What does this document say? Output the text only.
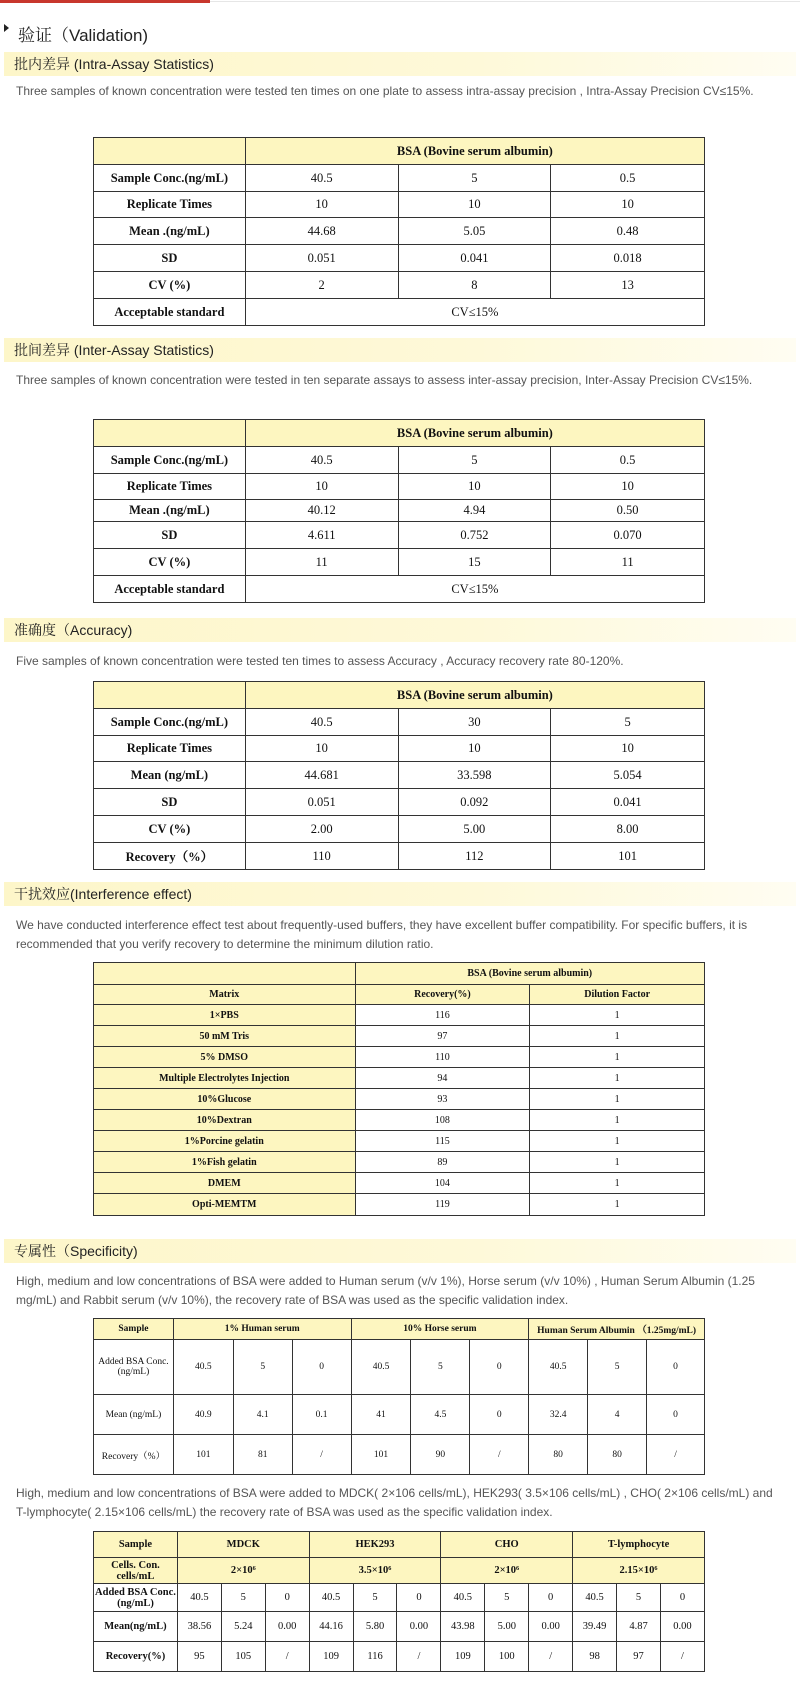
验证（Validation)
批内差异 (Intra-Assay Statistics)
Three samples of known concentration were tested ten times on one plate to assess intra-assay precision , Intra-Assay Precision CV≤15%.
	BSA (Bovine serum albumin)		
Sample Conc.(ng/mL)	40.5	5	0.5
Replicate Times	10	10	10
Mean .(ng/mL)	44.68	5.05	0.48
SD	0.051	0.041	0.018
CV (%)	2	8	13
Acceptable standard	CV≤15%		
批间差异 (Inter-Assay Statistics)
Three samples of known concentration were tested in ten separate assays to assess inter-assay precision, Inter-Assay Precision CV≤15%.
	BSA (Bovine serum albumin)		
Sample Conc.(ng/mL)	40.5	5	0.5
Replicate Times	10	10	10
Mean .(ng/mL)	40.12	4.94	0.50
SD	4.611	0.752	0.070
CV (%)	11	15	11
Acceptable standard	CV≤15%		
准确度（Accuracy)
Five samples of known concentration were tested ten times to assess Accuracy , Accuracy recovery rate 80-120%.
	BSA (Bovine serum albumin)		
Sample Conc.(ng/mL)	40.5	30	5
Replicate Times	10	10	10
Mean (ng/mL)	44.681	33.598	5.054
SD	0.051	0.092	0.041
CV (%)	2.00	5.00	8.00
Recovery（%）	110	112	101
干扰效应(Interference effect)
We have conducted interference effect test about frequently-used buffers, they have excellent buffer compatibility. For specific buffers, it is recommended that you verify recovery to determine the minimum dilution ratio.
	BSA (Bovine serum albumin)	
Matrix	Recovery(%)	Dilution Factor
1×PBS	116	1
50 mM Tris	97	1
5% DMSO	110	1
Multiple Electrolytes Injection	94	1
10%Glucose	93	1
10%Dextran	108	1
1%Porcine gelatin	115	1
1%Fish gelatin	89	1
DMEM	104	1
Opti-MEMTM	119	1
专属性（Specificity)
High, medium and low concentrations of BSA were added to Human serum (v/v 1%), Horse serum (v/v 10%) , Human Serum Albumin (1.25 mg/mL) and Rabbit serum (v/v 10%), the recovery rate of BSA was used as the specific validation index.
Sample	1% Human serum			10% Horse serum			Human Serum Albumin （1.25mg/mL)		
Added BSA Conc.(ng/mL)	40.5	5	0	40.5	5	0	40.5	5	0
Mean (ng/mL)	40.9	4.1	0.1	41	4.5	0	32.4	4	0
Recovery（%）	101	81	/	101	90	/	80	80	/
High, medium and low concentrations of BSA were added to MDCK( 2×106 cells/mL), HEK293( 3.5×106 cells/mL) , CHO( 2×106 cells/mL) and T-lymphocyte( 2.15×106 cells/mL) the recovery rate of BSA was used as the specific validation index.
Sample	MDCK			HEK293			CHO			T-lymphocyte		
Cells. Con. cells/mL	2×10⁶			3.5×10⁶			2×10⁶			2.15×10⁶		
Added BSA Conc.(ng/mL)	40.5	5	0	40.5	5	0	40.5	5	0	40.5	5	0
Mean(ng/mL)	38.56	5.24	0.00	44.16	5.80	0.00	43.98	5.00	0.00	39.49	4.87	0.00
Recovery(%)	95	105	/	109	116	/	109	100	/	98	97	/
